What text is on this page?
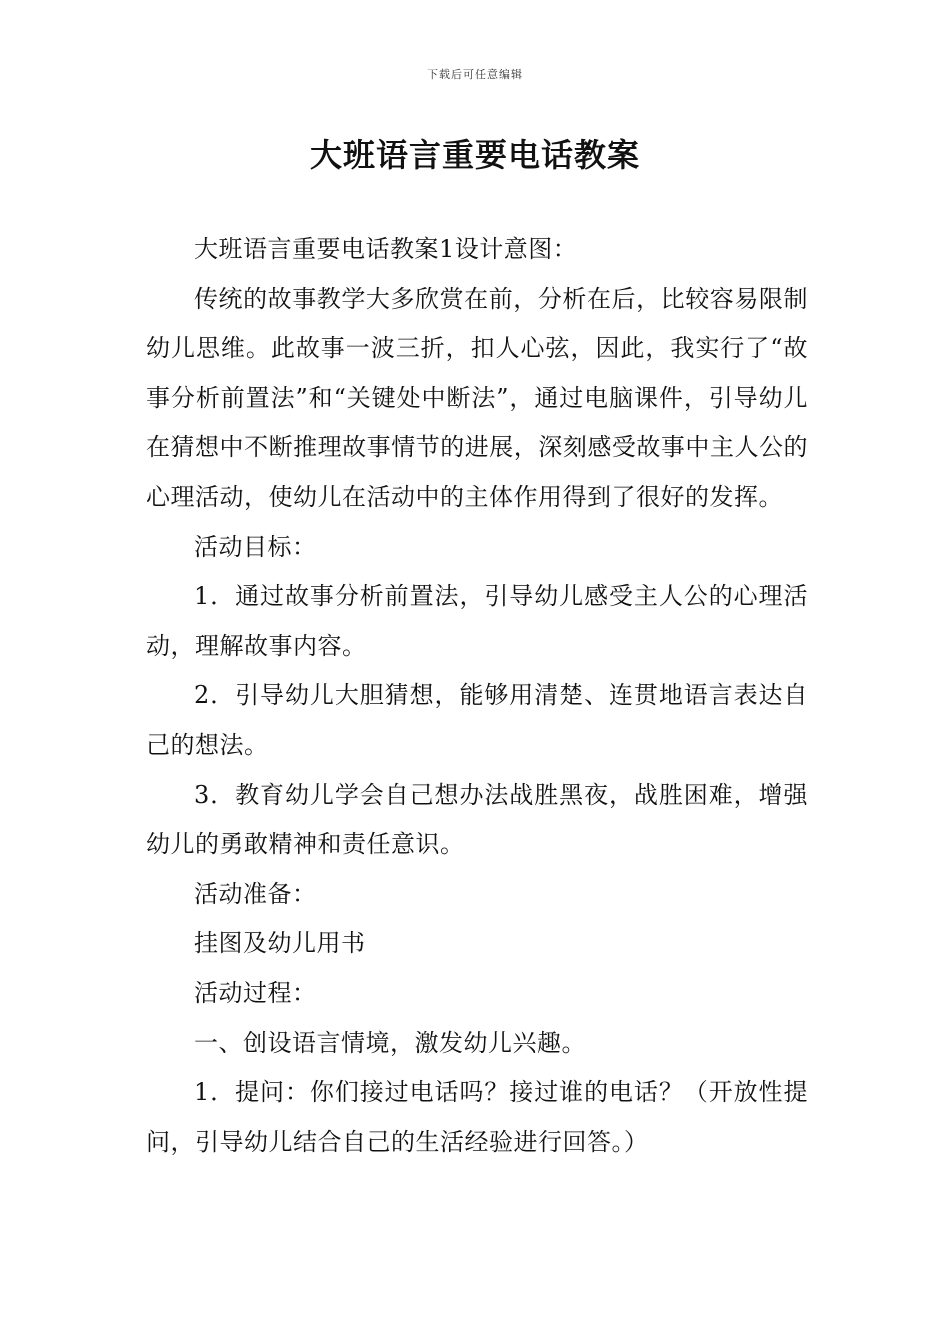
下载后可任意编辑
大班语言重要电话教案

大班语言重要电话教案1设计意图：

传统的故事教学大多欣赏在前，分析在后，比较容易限制幼儿思维。此故事一波三折，扣人心弦，因此，我实行了“故事分析前置法”和“关键处中断法”，通过电脑课件，引导幼儿在猜想中不断推理故事情节的进展，深刻感受故事中主人公的心理活动，使幼儿在活动中的主体作用得到了很好的发挥。

活动目标：

1．通过故事分析前置法，引导幼儿感受主人公的心理活动，理解故事内容。

2．引导幼儿大胆猜想，能够用清楚、连贯地语言表达自己的想法。

3．教育幼儿学会自己想办法战胜黑夜，战胜困难，增强幼儿的勇敢精神和责任意识。

活动准备：

挂图及幼儿用书

活动过程：

一、创设语言情境，激发幼儿兴趣。

1．提问：你们接过电话吗？接过谁的电话？（开放性提问，引导幼儿结合自己的生活经验进行回答。）
